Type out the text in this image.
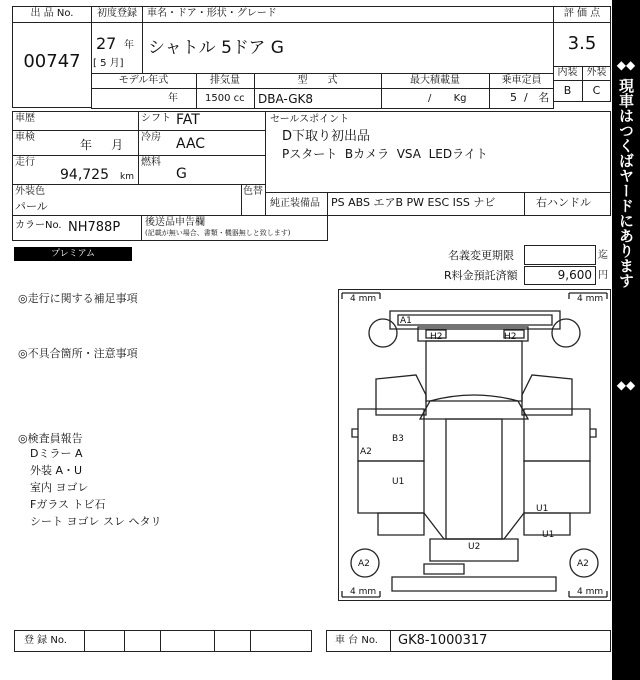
出 品 No.
00747
初度登録
27 年
[ 5 月]
車名・ドア・形状・グレード
シャトル 5ドア G
評 価 点
3.5
内装 外装
B	C
モデル年式	排気量	型　　式	最大積載量	乗車定員
年	1500 cc DBA-GK8	/       Kg	5  /   名
車歴
車検
年     月
走行
94,725 km
シフト FAT
冷房 AAC
燃料
G
セールスポイント
D下取り初出品
Pスタート  Bカメラ  VSA  LEDライト
外装色
パール
色替
純正装備品 PS ABS エアB PW ESC ISS ナビ	右ハンドル
カラーNo. NH788P 後送品申告欄
(記載が無い場合、書類・機器無しと致します)
プレミアム	名義変更期限	迄
R料金預託済額	9,600 円
◎走行に関する補足事項
◎不具合箇所・注意事項
◎検査員報告
Dミラー A
外装 A・U
室内 ヨゴレ
Fガラス トビ石
シート ヨゴレ スレ ヘタリ
4 mm	4 mm
4 mm	4 mm
A1
H2	H2
A2
B3
U1
U1
U1
U2
A2	A2
登 録 No.	車 台 No. GK8-1000317
◆◆
現車はつくばヤードにあります
◆◆
